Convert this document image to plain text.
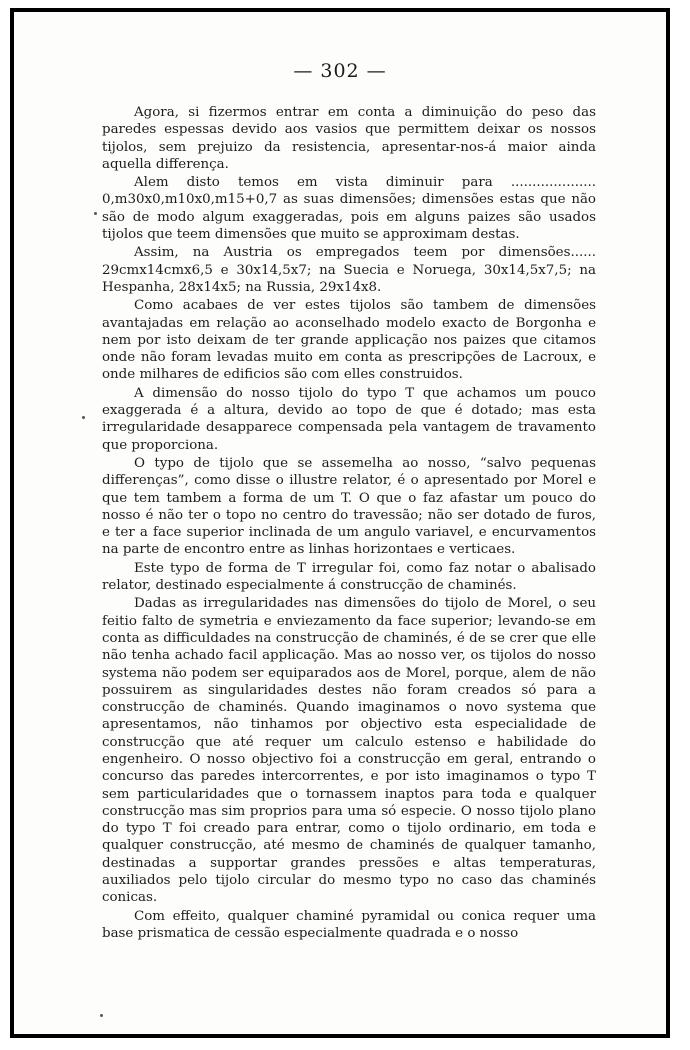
— 302 —

Agora, si fizermos entrar em conta a diminuição do peso das paredes espessas devido aos vasios que permittem deixar os nossos tijolos, sem prejuizo da resistencia, apresentar-nos-á maior ainda aquella differença.

Alem disto temos em vista diminuir para .................... 0,m30x0,m10x0,m15+0,7 as suas dimensões; dimensões estas que não são de modo algum exaggeradas, pois em alguns paizes são usados tijolos que teem dimensões que muito se approximam destas.

Assim, na Austria os empregados teem por dimensões...... 29cmx14cmx6,5 e 30x14,5x7; na Suecia e Noruega, 30x14,5x7,5; na Hespanha, 28x14x5; na Russia, 29x14x8.

Como acabaes de ver estes tijolos são tambem de dimensões avantajadas em relação ao aconselhado modelo exacto de Borgonha e nem por isto deixam de ter grande applicação nos paizes que citamos onde não foram levadas muito em conta as prescripções de Lacroux, e onde milhares de edificios são com elles construidos.

A dimensão do nosso tijolo do typo T que achamos um pouco exaggerada é a altura, devido ao topo de que é dotado; mas esta irregularidade desapparece compensada pela vantagem de travamento que proporciona.

O typo de tijolo que se assemelha ao nosso, “salvo pequenas differenças”, como disse o illustre relator, é o apresentado por Morel e que tem tambem a forma de um T. O que o faz afastar um pouco do nosso é não ter o topo no centro do travessão; não ser dotado de furos, e ter a face superior inclinada de um angulo variavel, e encurvamentos na parte de encontro entre as linhas horizontaes e verticaes.

Este typo de forma de T irregular foi, como faz notar o abalisado relator, destinado especialmente á construcção de chaminés.

Dadas as irregularidades nas dimensões do tijolo de Morel, o seu feitio falto de symetria e enviezamento da face superior; levando-se em conta as difficuldades na construcção de chaminés, é de se crer que elle não tenha achado facil applicação. Mas ao nosso ver, os tijolos do nosso systema não podem ser equiparados aos de Morel, porque, alem de não possuirem as singularidades destes não foram creados só para a construcção de chaminés. Quando imaginamos o novo systema que apresentamos, não tinhamos por objectivo esta especialidade de construcção que até requer um calculo estenso e habilidade do engenheiro. O nosso objectivo foi a construcção em geral, entrando o concurso das paredes intercorrentes, e por isto imaginamos o typo T sem particularidades que o tornassem inaptos para toda e qualquer construcção mas sim proprios para uma só especie. O nosso tijolo plano do typo T foi creado para entrar, como o tijolo ordinario, em toda e qualquer construcção, até mesmo de chaminés de qualquer tamanho, destinadas a supportar grandes pressões e altas temperaturas, auxiliados pelo tijolo circular do mesmo typo no caso das chaminés conicas.

Com effeito, qualquer chaminé pyramidal ou conica requer uma base prismatica de cessão especialmente quadrada e o nosso
